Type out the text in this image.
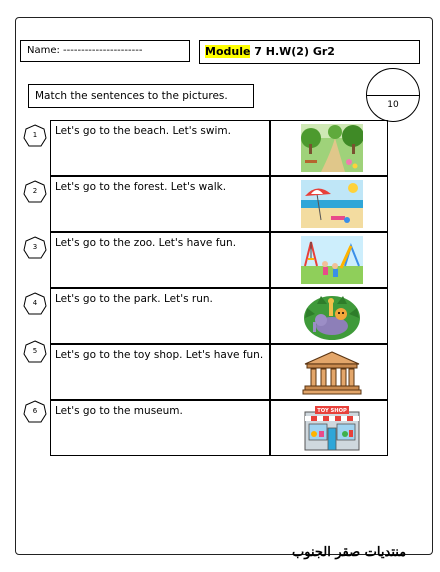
Name: ----------------------	Module 7 H.W(2) Gr2
10
Match the sentences to the pictures.
1	Let's go to the beach. Let's swim.
2	Let's go to the forest. Let's walk.
3	Let's go to the zoo. Let's have fun.
4	Let's go to the park. Let's run.
5	Let's go to the toy shop. Let's have fun.
6	Let's go to the museum.	TOY SHOP
منتديات صقر الجنوب
